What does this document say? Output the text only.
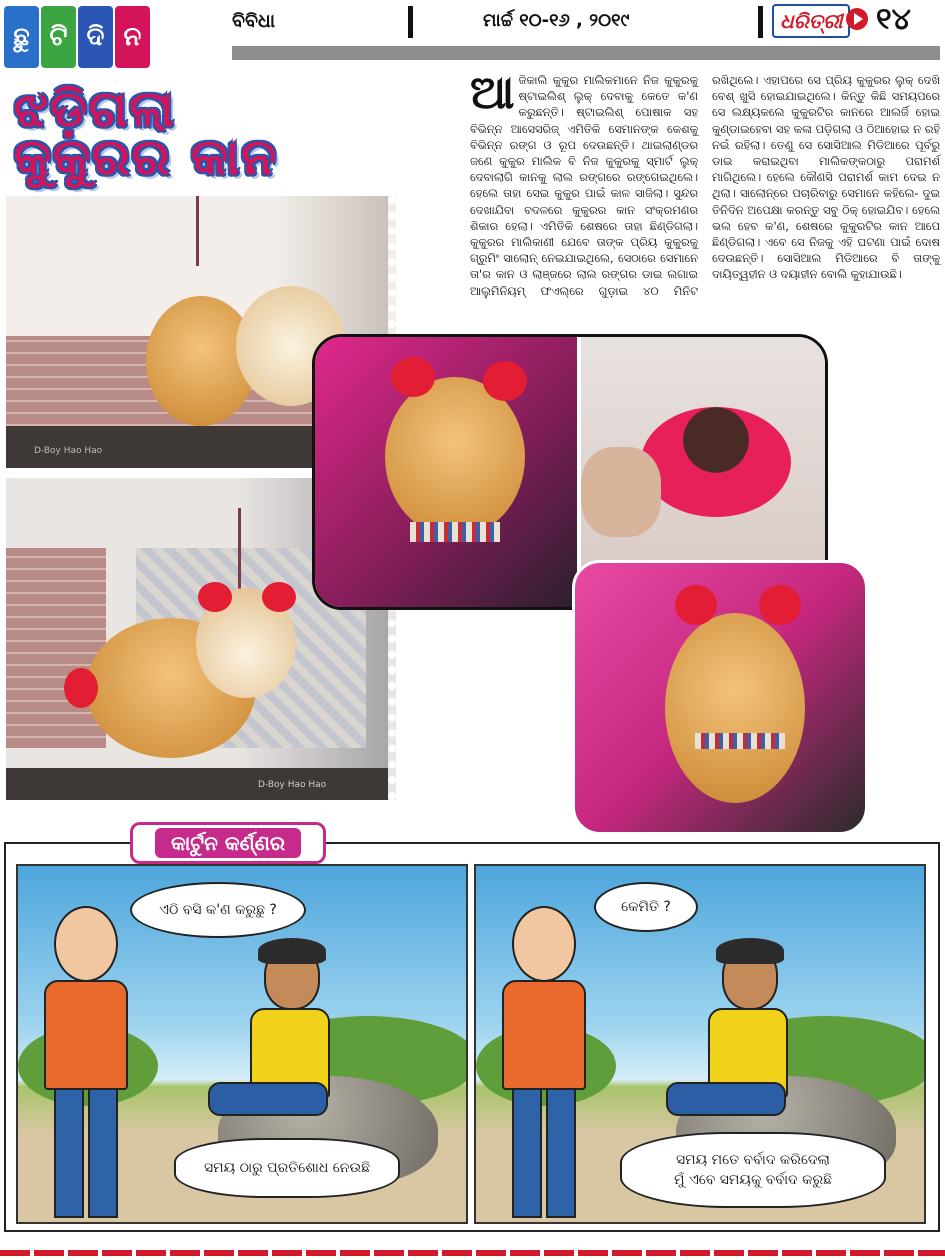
ଛୁ ଟି ଦି ନ
ବିବିଧା	ମାର୍ଚ୍ଚ ୧୦-୧୬ , ୨୦୧୯	ଧରିତ୍ରୀ ୧୪
ଝଡ଼ିଗଲା
କୁକୁରର କାନ
ଆଜିକାଲି କୁକୁର ମାଲିକମାନେ ନିଜ କୁକୁରକୁ ଷ୍ଟାଇଲିଶ୍ ଲୁକ୍ ଦେବାକୁ କେତେ କ'ଣ କରୁଛନ୍ତି। ଷ୍ଟାଇଲିଶ୍ ପୋଷାକ ସହ ବିଭିନ୍ନ ଆସେସରିଜ୍ ଏମିତିକି ସେମାନଙ୍କ କେଶକୁ ବିଭିନ୍ନ ରଙ୍ଗ ଓ ରୂପ ଦେଉଛନ୍ତି। ଥାଇଲାଣ୍ଡର ଜଣେ କୁକୁର ମାଲିକ ବି ନିଜ କୁକୁରକୁ ସ୍ମାର୍ଟ ଲୁକ୍ ଦେବାଲାଗି କାନକୁ ଲାଲ ରଙ୍ଗରେ ରଙ୍ଗେଇଥିଲେ। ହେଲେ ତାହା ସେଇ କୁକୁର ପାଇଁ କାଳ ସାଜିଲା। ସୁନ୍ଦର ଦେଖାଯିବା ବଦଳରେ କୁକୁରର କାନ ସଂକ୍ରମଣର ଶିକାର ହେଲା। ଏମିତିକି ଶେଷରେ ତାହା ଛିଣ୍ଡିଗଲା। କୁକୁରର ମାଲିକାଣୀ ଯେବେ ତାଙ୍କ ପ୍ରିୟ କୁକୁରକୁ ଗ୍ରୁମିଂ ସାଲୋନ୍ ନେଇଯାଇଥିଲେ, ସେଠାରେ ସେମାନେ ତା'ର କାନ ଓ ଲାଞ୍ଜରେ ଲାଲ ରଙ୍ଗର ଡାଇ ଲଗାଇ ଆଲୁମିନିୟମ୍ ଫଏଲ୍‌ରେ ଗୁଡ଼ାଇ ୪୦ ମିନିଟ ରଖିଥିଲେ। ଏହାପରେ ସେ ପ୍ରିୟ କୁକୁରର ଲୁକ୍ ଦେଖି ବେଶ୍ ଖୁସି ହୋଇଯାଇଥିଲେ। କିନ୍ତୁ କିଛି ସମୟପରେ ସେ ଲକ୍ଷ୍ୟକଲେ କୁକୁରଟିର କାନରେ ଆଲର୍ଜି ହୋଇ କୁଣ୍ଡାଇହେବା ସହ କଳା ପଡ଼ିଗଲା ଓ ଠିଆହୋଇ ନ ରହି ନଇଁ ରହିଲା। ତେଣୁ ସେ ସୋସିଆଲ ମିଡିଆରେ ପୂର୍ବରୁ ଡାଇ କରାଇଥିବା ମାଲିକଙ୍କଠାରୁ ପରାମର୍ଶ ମାଗିଥିଲେ। ହେଲେ କୌଣସି ପରାମର୍ଶ କାମ ଦେଇ ନ ଥିଲା। ସାଲୋନ୍‌ରେ ପଚାରିବାରୁ ସେମାନେ କହିଲେ- ଦୁଇ ତିନିଦିନ ଅପେକ୍ଷା କରନ୍ତୁ ସବୁ ଠିକ୍ ହୋଇଯିବ। ହେଲେ ଭଲ ହେବ କ'ଣ, ଶେଷରେ କୁକୁରଟିର କାନ ଆପେ ଛିଣ୍ଡିଗଲା। ଏବେ ସେ ନିଜକୁ ଏହି ଘଟଣା ପାଇଁ ଦୋଷ ଦେଉଛନ୍ତି। ସୋସିଆଲ ମିଡିଆରେ ବି ତାଙ୍କୁ ଦାୟିତ୍ୱହୀନ ଓ ଦୟାହୀନ ବୋଲି କୁହାଯାଉଛି।
D-Boy Hao Hao
D-Boy Hao Hao
କାର୍ଟୁନ କର୍ଣ୍ଣର
ଏଠି ବସି କ'ଣ କରୁଛୁ ?
ସମୟ ଠାରୁ ପ୍ରତିଶୋଧ ନେଉଛି
କେମିତି ?
ସମୟ ମତେ ବର୍ବାଦ କରିଦେଲା
ମୁଁ ଏବେ ସମୟକୁ ବର୍ବାଦ କରୁଛି
